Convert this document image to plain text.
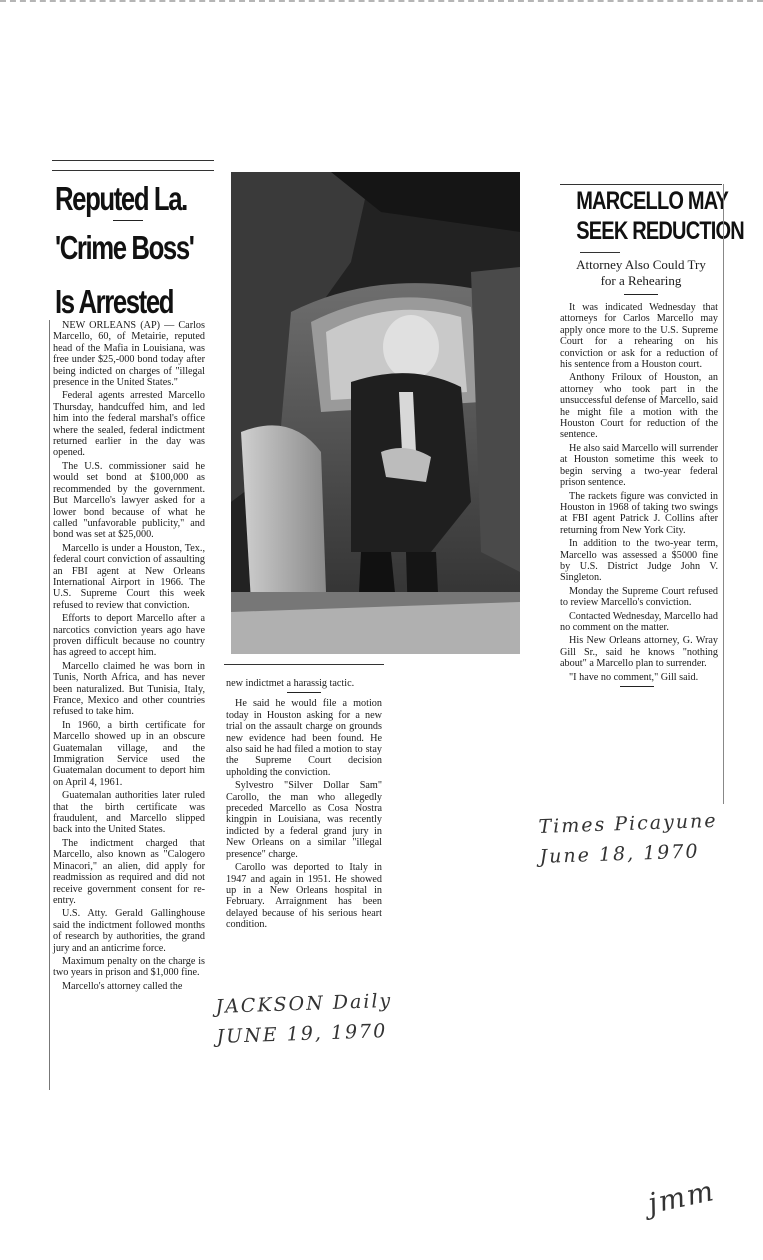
Reputed La.
'Crime Boss'
Is Arrested

NEW ORLEANS (AP) — Carlos Marcello, 60, of Metairie, reputed head of the Mafia in Louisiana, was free under $25,-000 bond today after being indicted on charges of "illegal presence in the United States."

Federal agents arrested Marcello Thursday, handcuffed him, and led him into the federal marshal's office where the sealed, federal indictment returned earlier in the day was opened.

The U.S. commissioner said he would set bond at $100,000 as recommended by the government. But Marcello's lawyer asked for a lower bond because of what he called "unfavorable publicity," and bond was set at $25,000.

Marcello is under a Houston, Tex., federal court conviction of assaulting an FBI agent at New Orleans International Airport in 1966. The U.S. Supreme Court this week refused to review that conviction.

Efforts to deport Marcello after a narcotics conviction years ago have proven difficult because no country has agreed to accept him.

Marcello claimed he was born in Tunis, North Africa, and has never been naturalized. But Tunisia, Italy, France, Mexico and other countries refused to take him.

In 1960, a birth certificate for Marcello showed up in an obscure Guatemalan village, and the Immigration Service used the Guatemalan document to deport him on April 4, 1961.

Guatemalan authorities later ruled that the birth certificate was fraudulent, and Marcello slipped back into the United States.

The indictment charged that Marcello, also known as "Calogero Minacori," an alien, did apply for readmission as required and did not receive government consent for re-entry.

U.S. Atty. Gerald Gallinghouse said the indictment followed months of research by authorities, the grand jury and an anticrime force.

Maximum penalty on the charge is two years in prison and $1,000 fine.

Marcello's attorney called the

new indictmet a harassig tactic.

He said he would file a motion today in Houston asking for a new trial on the assault charge on grounds new evidence had been found. He also said he had filed a motion to stay the Supreme Court decision upholding the conviction.

Sylvestro "Silver Dollar Sam" Carollo, the man who allegedly preceded Marcello as Cosa Nostra kingpin in Louisiana, was recently indicted by a federal grand jury in New Orleans on a similar "illegal presence" charge.

Carollo was deported to Italy in 1947 and again in 1951. He showed up in a New Orleans hospital in February. Arraignment has been delayed because of his serious heart condition.

MARCELLO MAY
SEEK REDUCTION
Attorney Also Could Try
for a Rehearing

It was indicated Wednesday that attorneys for Carlos Marcello may apply once more to the U.S. Supreme Court for a rehearing on his conviction or ask for a reduction of his sentence from a Houston court.

Anthony Friloux of Houston, an attorney who took part in the unsuccessful defense of Marcello, said he might file a motion with the Houston Court for reduction of the sentence.

He also said Marcello will surrender at Houston sometime this week to begin serving a two-year federal prison sentence.

The rackets figure was convicted in Houston in 1968 of taking two swings at FBI agent Patrick J. Collins after returning from New York City.

In addition to the two-year term, Marcello was assessed a $5000 fine by U.S. District Judge John V. Singleton.

Monday the Supreme Court refused to review Marcello's conviction.

Contacted Wednesday, Marcello had no comment on the matter.

His New Orleans attorney, G. Wray Gill Sr., said he knows "nothing about" a Marcello plan to surrender.

"I have no comment," Gill said.

Times Picayune
June 18, 1970
JACKSON Daily
JUNE 19, 1970
jmm
